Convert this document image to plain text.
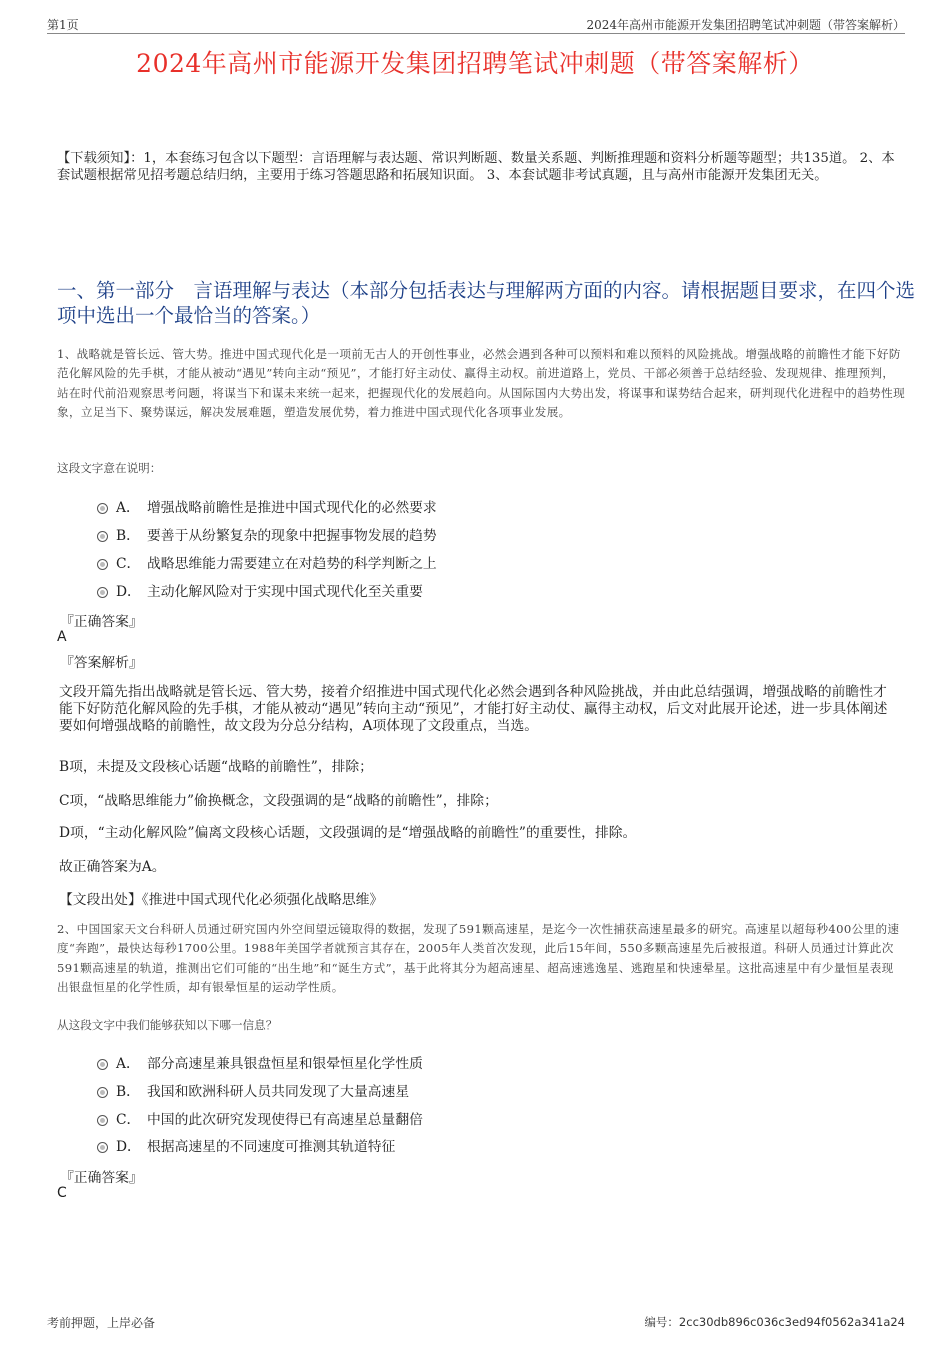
第1页	2024年高州市能源开发集团招聘笔试冲刺题（带答案解析）
2024年高州市能源开发集团招聘笔试冲刺题（带答案解析）
【下载须知】：1，本套练习包含以下题型：言语理解与表达题、常识判断题、数量关系题、判断推理题和资料分析题等题型；共135道。 2、本套试题根据常见招考题总结归纳，主要用于练习答题思路和拓展知识面。 3、本套试题非考试真题，且与高州市能源开发集团无关。
一、第一部分　言语理解与表达（本部分包括表达与理解两方面的内容。请根据题目要求，在四个选项中选出一个最恰当的答案。）
1、战略就是管长远、管大势。推进中国式现代化是一项前无古人的开创性事业，必然会遇到各种可以预料和难以预料的风险挑战。增强战略的前瞻性才能下好防范化解风险的先手棋，才能从被动“遇见”转向主动“预见”，才能打好主动仗、赢得主动权。前进道路上，党员、干部必须善于总结经验、发现规律、推理预判，站在时代前沿观察思考问题，将谋当下和谋未来统一起来，把握现代化的发展趋向。从国际国内大势出发，将谋事和谋势结合起来，研判现代化进程中的趋势性现象，立足当下、聚势谋远，解决发展难题，塑造发展优势，着力推进中国式现代化各项事业发展。
这段文字意在说明：
A． 增强战略前瞻性是推进中国式现代化的必然要求
B． 要善于从纷繁复杂的现象中把握事物发展的趋势
C． 战略思维能力需要建立在对趋势的科学判断之上
D． 主动化解风险对于实现中国式现代化至关重要
『正确答案』
A
『答案解析』
文段开篇先指出战略就是管长远、管大势，接着介绍推进中国式现代化必然会遇到各种风险挑战，并由此总结强调，增强战略的前瞻性才能下好防范化解风险的先手棋，才能从被动“遇见”转向主动“预见”，才能打好主动仗、赢得主动权，后文对此展开论述，进一步具体阐述要如何增强战略的前瞻性，故文段为分总分结构，A项体现了文段重点，当选。
B项，未提及文段核心话题“战略的前瞻性”，排除；
C项，“战略思维能力”偷换概念，文段强调的是“战略的前瞻性”，排除；
D项，“主动化解风险”偏离文段核心话题，文段强调的是“增强战略的前瞻性”的重要性，排除。
故正确答案为A。
【文段出处】《推进中国式现代化必须强化战略思维》
2、中国国家天文台科研人员通过研究国内外空间望远镜取得的数据，发现了591颗高速星，是迄今一次性捕获高速星最多的研究。高速星以超每秒400公里的速度“奔跑”，最快达每秒1700公里。1988年美国学者就预言其存在，2005年人类首次发现，此后15年间，550多颗高速星先后被报道。科研人员通过计算此次591颗高速星的轨道，推测出它们可能的“出生地”和“诞生方式”，基于此将其分为超高速星、超高速逃逸星、逃跑星和快速晕星。这批高速星中有少量恒星表现出银盘恒星的化学性质，却有银晕恒星的运动学性质。
从这段文字中我们能够获知以下哪一信息？
A． 部分高速星兼具银盘恒星和银晕恒星化学性质
B． 我国和欧洲科研人员共同发现了大量高速星
C． 中国的此次研究发现使得已有高速星总量翻倍
D． 根据高速星的不同速度可推测其轨道特征
『正确答案』
C
考前押题，上岸必备	编号：2cc30db896c036c3ed94f0562a341a24
